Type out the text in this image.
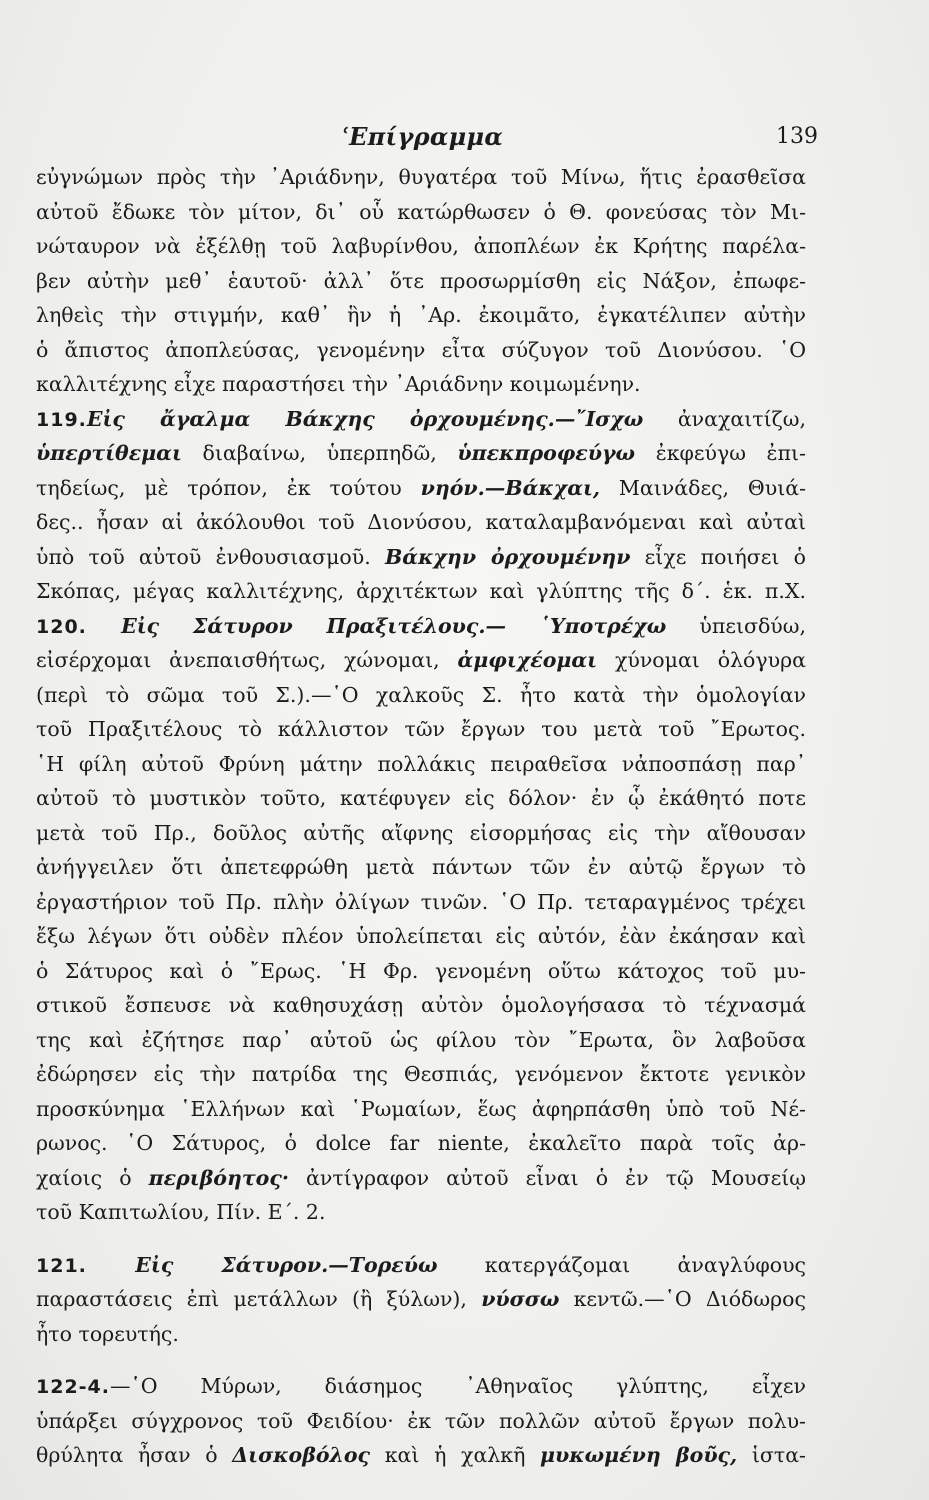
ʿΕπίγραμμα	139
εὐγνώμων πρὸς τὴν ᾿Αριάδνην, θυγατέρα τοῦ Μίνω, ἥτις ἐρασθεῖσα
αὐτοῦ ἔδωκε τὸν μίτον, δι᾿ οὗ κατώρθωσεν ὁ Θ. φονεύσας τὸν Μι-
νώταυρον νὰ ἐξέλθῃ τοῦ λαβυρίνθου, ἀποπλέων ἐκ Κρήτης παρέλα-
βεν αὐτὴν μεθ᾿ ἑαυτοῦ· ἀλλ᾿ ὅτε προσωρμίσθη εἰς Νάξον, ἐπωφε-
ληθεὶς τὴν στιγμήν, καθ᾿ ἣν ἡ ᾿Αρ. ἐκοιμᾶτο, ἐγκατέλιπεν αὐτὴν
ὁ ἄπιστος ἀποπλεύσας, γενομένην εἶτα σύζυγον τοῦ Διονύσου. ῾Ο
καλλιτέχνης εἶχε παραστήσει τὴν ᾿Αριάδνην κοιμωμένην.
119.Εἰς ἄγαλμα Βάκχης ὀρχουμένης.—῎Ισχω ἀναχαιτίζω,
ὑπερτίθεμαι διαβαίνω, ὑπερπηδῶ, ὑπεκπροφεύγω ἐκφεύγω ἐπι-
τηδείως, μὲ τρόπον, ἐκ τούτου νηόν.—Βάκχαι, Μαινάδες, Θυιά-
δες.. ἦσαν αἱ ἀκόλουθοι τοῦ Διονύσου, καταλαμβανόμεναι καὶ αὐταὶ
ὑπὸ τοῦ αὐτοῦ ἐνθουσιασμοῦ. Βάκχην ὀρχουμένην εἶχε ποιήσει ὁ
Σκόπας, μέγας καλλιτέχνης, ἀρχιτέκτων καὶ γλύπτης τῆς δ΄. ἑκ. π.Χ.
120. Εἰς Σάτυρον Πραξιτέλους.— ῾Υποτρέχω ὑπεισδύω,
εἰσέρχομαι ἀνεπαισθήτως, χώνομαι, ἀμφιχέομαι χύνομαι ὁλόγυρα
(περὶ τὸ σῶμα τοῦ Σ.).—῾Ο χαλκοῦς Σ. ἦτο κατὰ τὴν ὁμολογίαν
τοῦ Πραξιτέλους τὸ κάλλιστον τῶν ἔργων του μετὰ τοῦ ῎Ερωτος.
῾Η φίλη αὐτοῦ Φρύνη μάτην πολλάκις πειραθεῖσα νἀποσπάσῃ παρ᾿
αὐτοῦ τὸ μυστικὸν τοῦτο, κατέφυγεν εἰς δόλον· ἐν ᾧ ἐκάθητό ποτε
μετὰ τοῦ Πρ., δοῦλος αὐτῆς αἴφνης εἰσορμήσας εἰς τὴν αἴθουσαν
ἀνήγγειλεν ὅτι ἀπετεφρώθη μετὰ πάντων τῶν ἐν αὐτῷ ἔργων τὸ
ἐργαστήριον τοῦ Πρ. πλὴν ὀλίγων τινῶν. ῾Ο Πρ. τεταραγμένος τρέχει
ἔξω λέγων ὅτι οὐδὲν πλέον ὑπολείπεται εἰς αὐτόν, ἐὰν ἐκάησαν καὶ
ὁ Σάτυρος καὶ ὁ ῎Ερως. ῾Η Φρ. γενομένη οὕτω κάτοχος τοῦ μυ-
στικοῦ ἔσπευσε νὰ καθησυχάσῃ αὐτὸν ὁμολογήσασα τὸ τέχνασμά
της καὶ ἐζήτησε παρ᾿ αὐτοῦ ὡς φίλου τὸν ῎Ερωτα, ὃν λαβοῦσα
ἐδώρησεν εἰς τὴν πατρίδα της Θεσπιάς, γενόμενον ἔκτοτε γενικὸν
προσκύνημα ῾Ελλήνων καὶ ῾Ρωμαίων, ἕως ἀφηρπάσθη ὑπὸ τοῦ Νέ-
ρωνος. ῾Ο Σάτυρος, ὁ dolce far niente, ἐκαλεῖτο παρὰ τοῖς ἀρ-
χαίοις ὁ περιβόητος· ἀντίγραφον αὐτοῦ εἶναι ὁ ἐν τῷ Μουσείῳ
τοῦ Καπιτωλίου, Πίν. Ε΄. 2.
121. Εἰς Σάτυρον.—Τορεύω κατεργάζομαι ἀναγλύφους
παραστάσεις ἐπὶ μετάλλων (ἢ ξύλων), νύσσω κεντῶ.—῾Ο Διόδωρος
ἦτο τορευτής.
122-4.—῾Ο Μύρων, διάσημος ᾿Αθηναῖος γλύπτης, εἶχεν
ὑπάρξει σύγχρονος τοῦ Φειδίου· ἐκ τῶν πολλῶν αὐτοῦ ἔργων πολυ-
θρύλητα ἦσαν ὁ Δισκοβόλος καὶ ἡ χαλκῆ μυκωμένη βοῦς, ἱστα-
